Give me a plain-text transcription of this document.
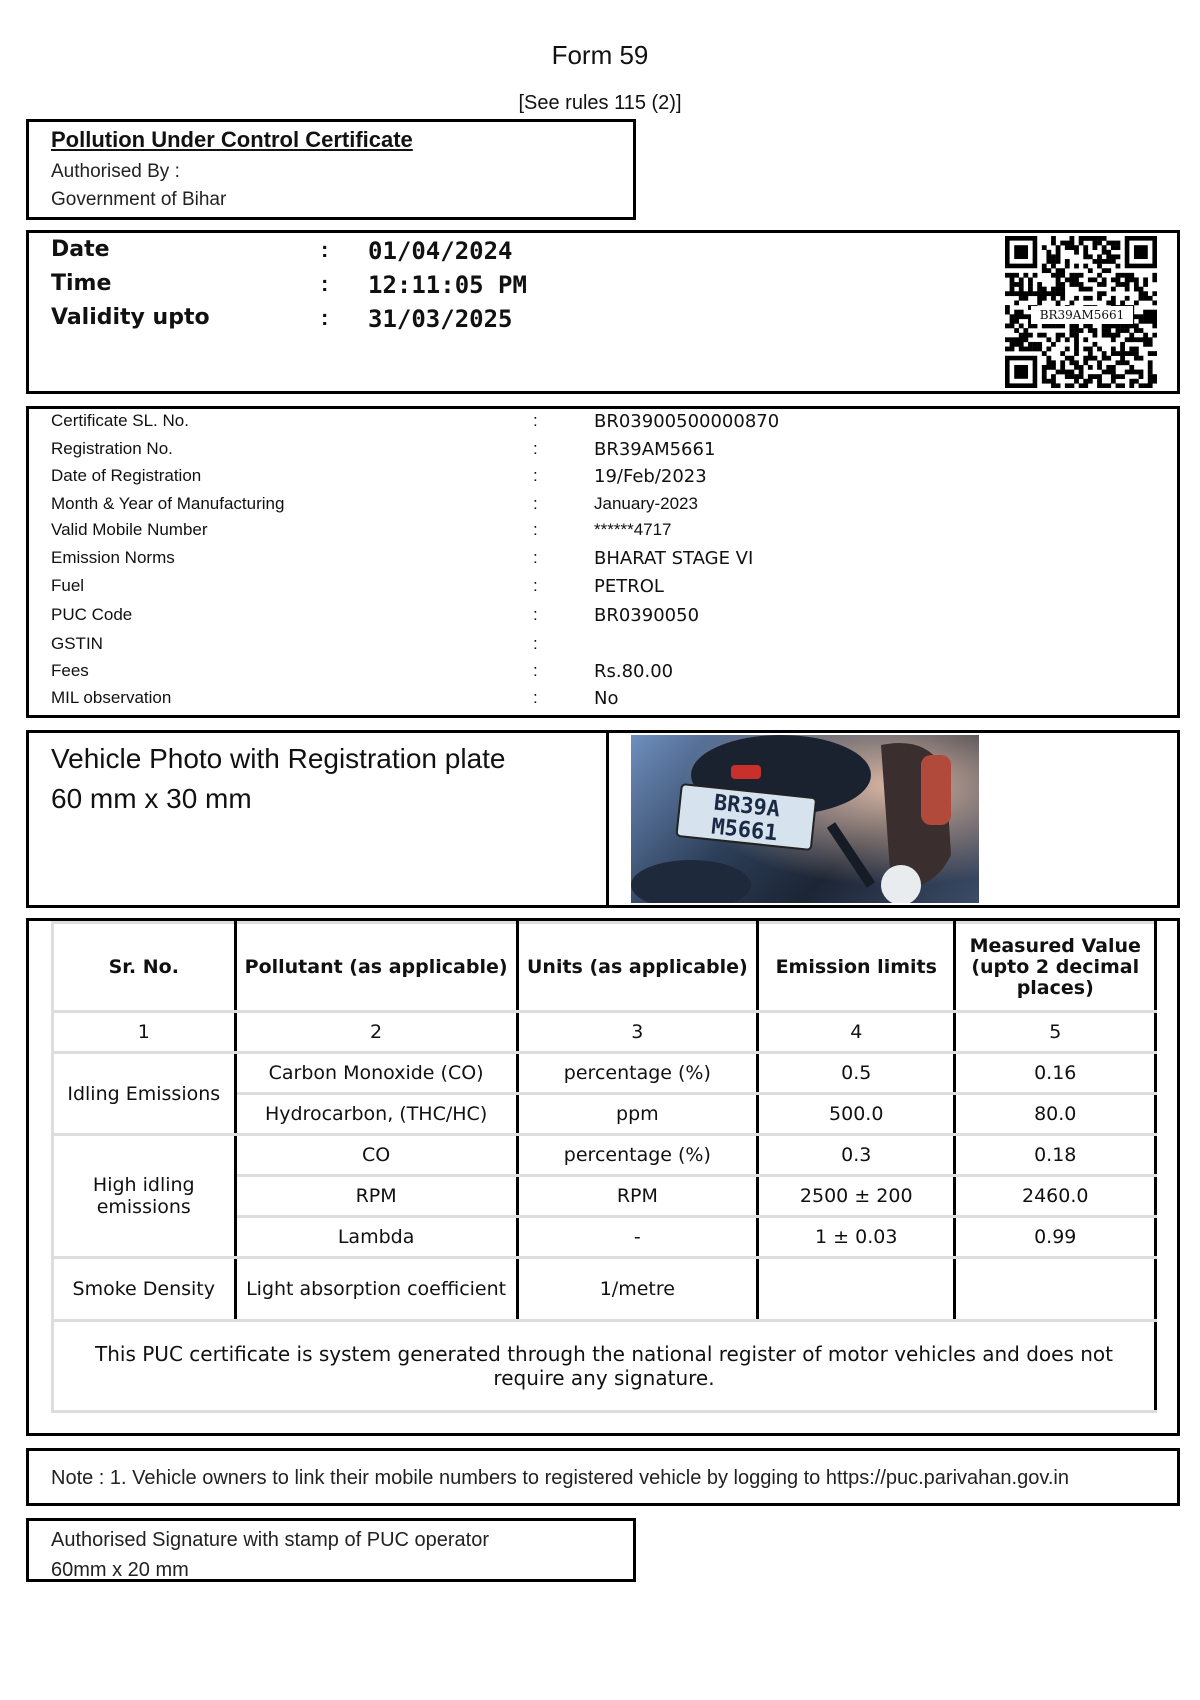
Form 59
[See rules 115 (2)]
Pollution Under Control Certificate
Authorised By :
Government of Bihar
Date	: 01/04/2024
Time	: 12:11:05 PM
Validity upto	: 31/03/2025	BR39AM5661
Certificate SL. No.	:	BR03900500000870
Registration No.	:	BR39AM5661
Date of Registration	:	19/Feb/2023
Month & Year of Manufacturing	:	January-2023
Valid Mobile Number	:	******4717
Emission Norms	:	BHARAT STAGE VI
Fuel	:	PETROL
PUC Code	:	BR0390050
GSTIN	:
Fees	:	Rs.80.00
MIL observation	:	No
Vehicle Photo with Registration plate
60 mm x 30 mm	BR39A
M5661
Sr. No.	Pollutant (as applicable)	Units (as applicable)	Emission limits	Measured Value (upto 2 decimal places)
1	2	3	4	5
Idling Emissions	Carbon Monoxide (CO)	percentage (%)	0.5	0.16
	Hydrocarbon, (THC/HC)	ppm	500.0	80.0
High idling emissions	CO	percentage (%)	0.3	0.18
	RPM	RPM	2500 ± 200	2460.0
	Lambda	-	1 ± 0.03	0.99
Smoke Density	Light absorption coefficient	1/metre		
This PUC certificate is system generated through the national register of motor vehicles and does not require any signature.				
Note : 1. Vehicle owners to link their mobile numbers to registered vehicle by logging to https://puc.parivahan.gov.in
Authorised Signature with stamp of PUC operator
60mm x 20 mm
